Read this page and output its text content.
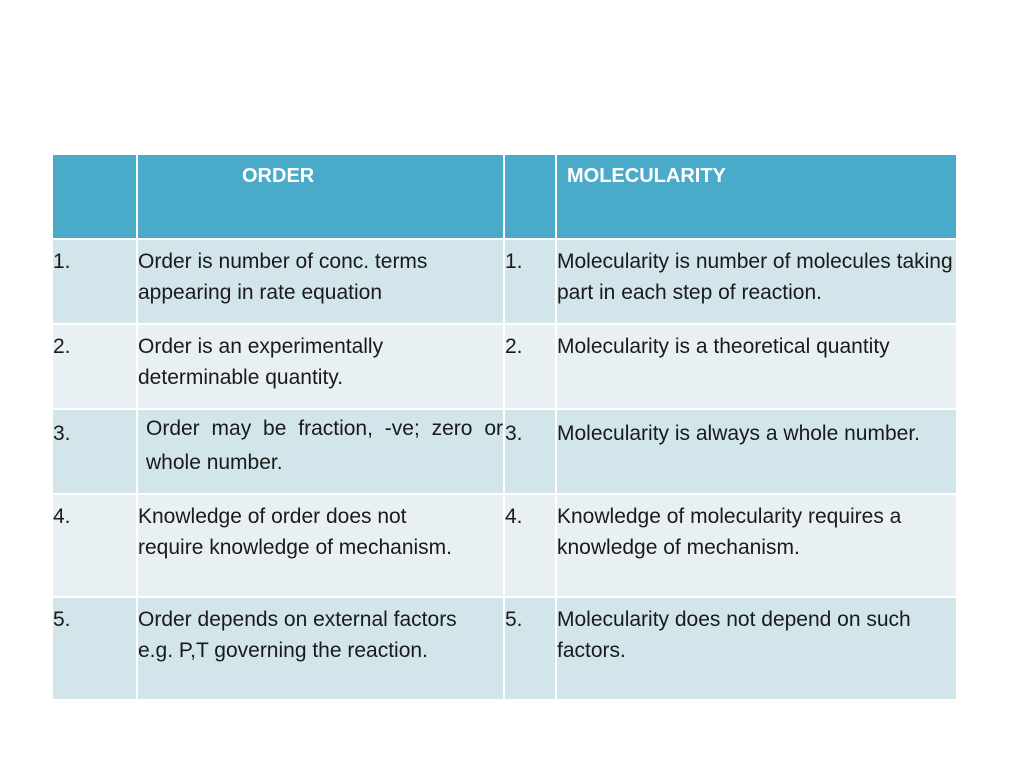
	ORDER		MOLECULARITY

1.	Order is number of conc. terms appearing in rate equation	1.	Molecularity is number of molecules taking part in each step of reaction.

2.	Order is an experimentally determinable quantity.	2.	Molecularity is a theoretical quantity

3.	Order may be fraction, -ve; zero or whole number.	3.	Molecularity is always a whole number.

4.	Knowledge of order does not require knowledge of mechanism.	4.	Knowledge of molecularity requires a knowledge of mechanism.

5.	Order depends on external factors e.g. P,T governing the reaction.	5.	Molecularity does not depend on such factors.
